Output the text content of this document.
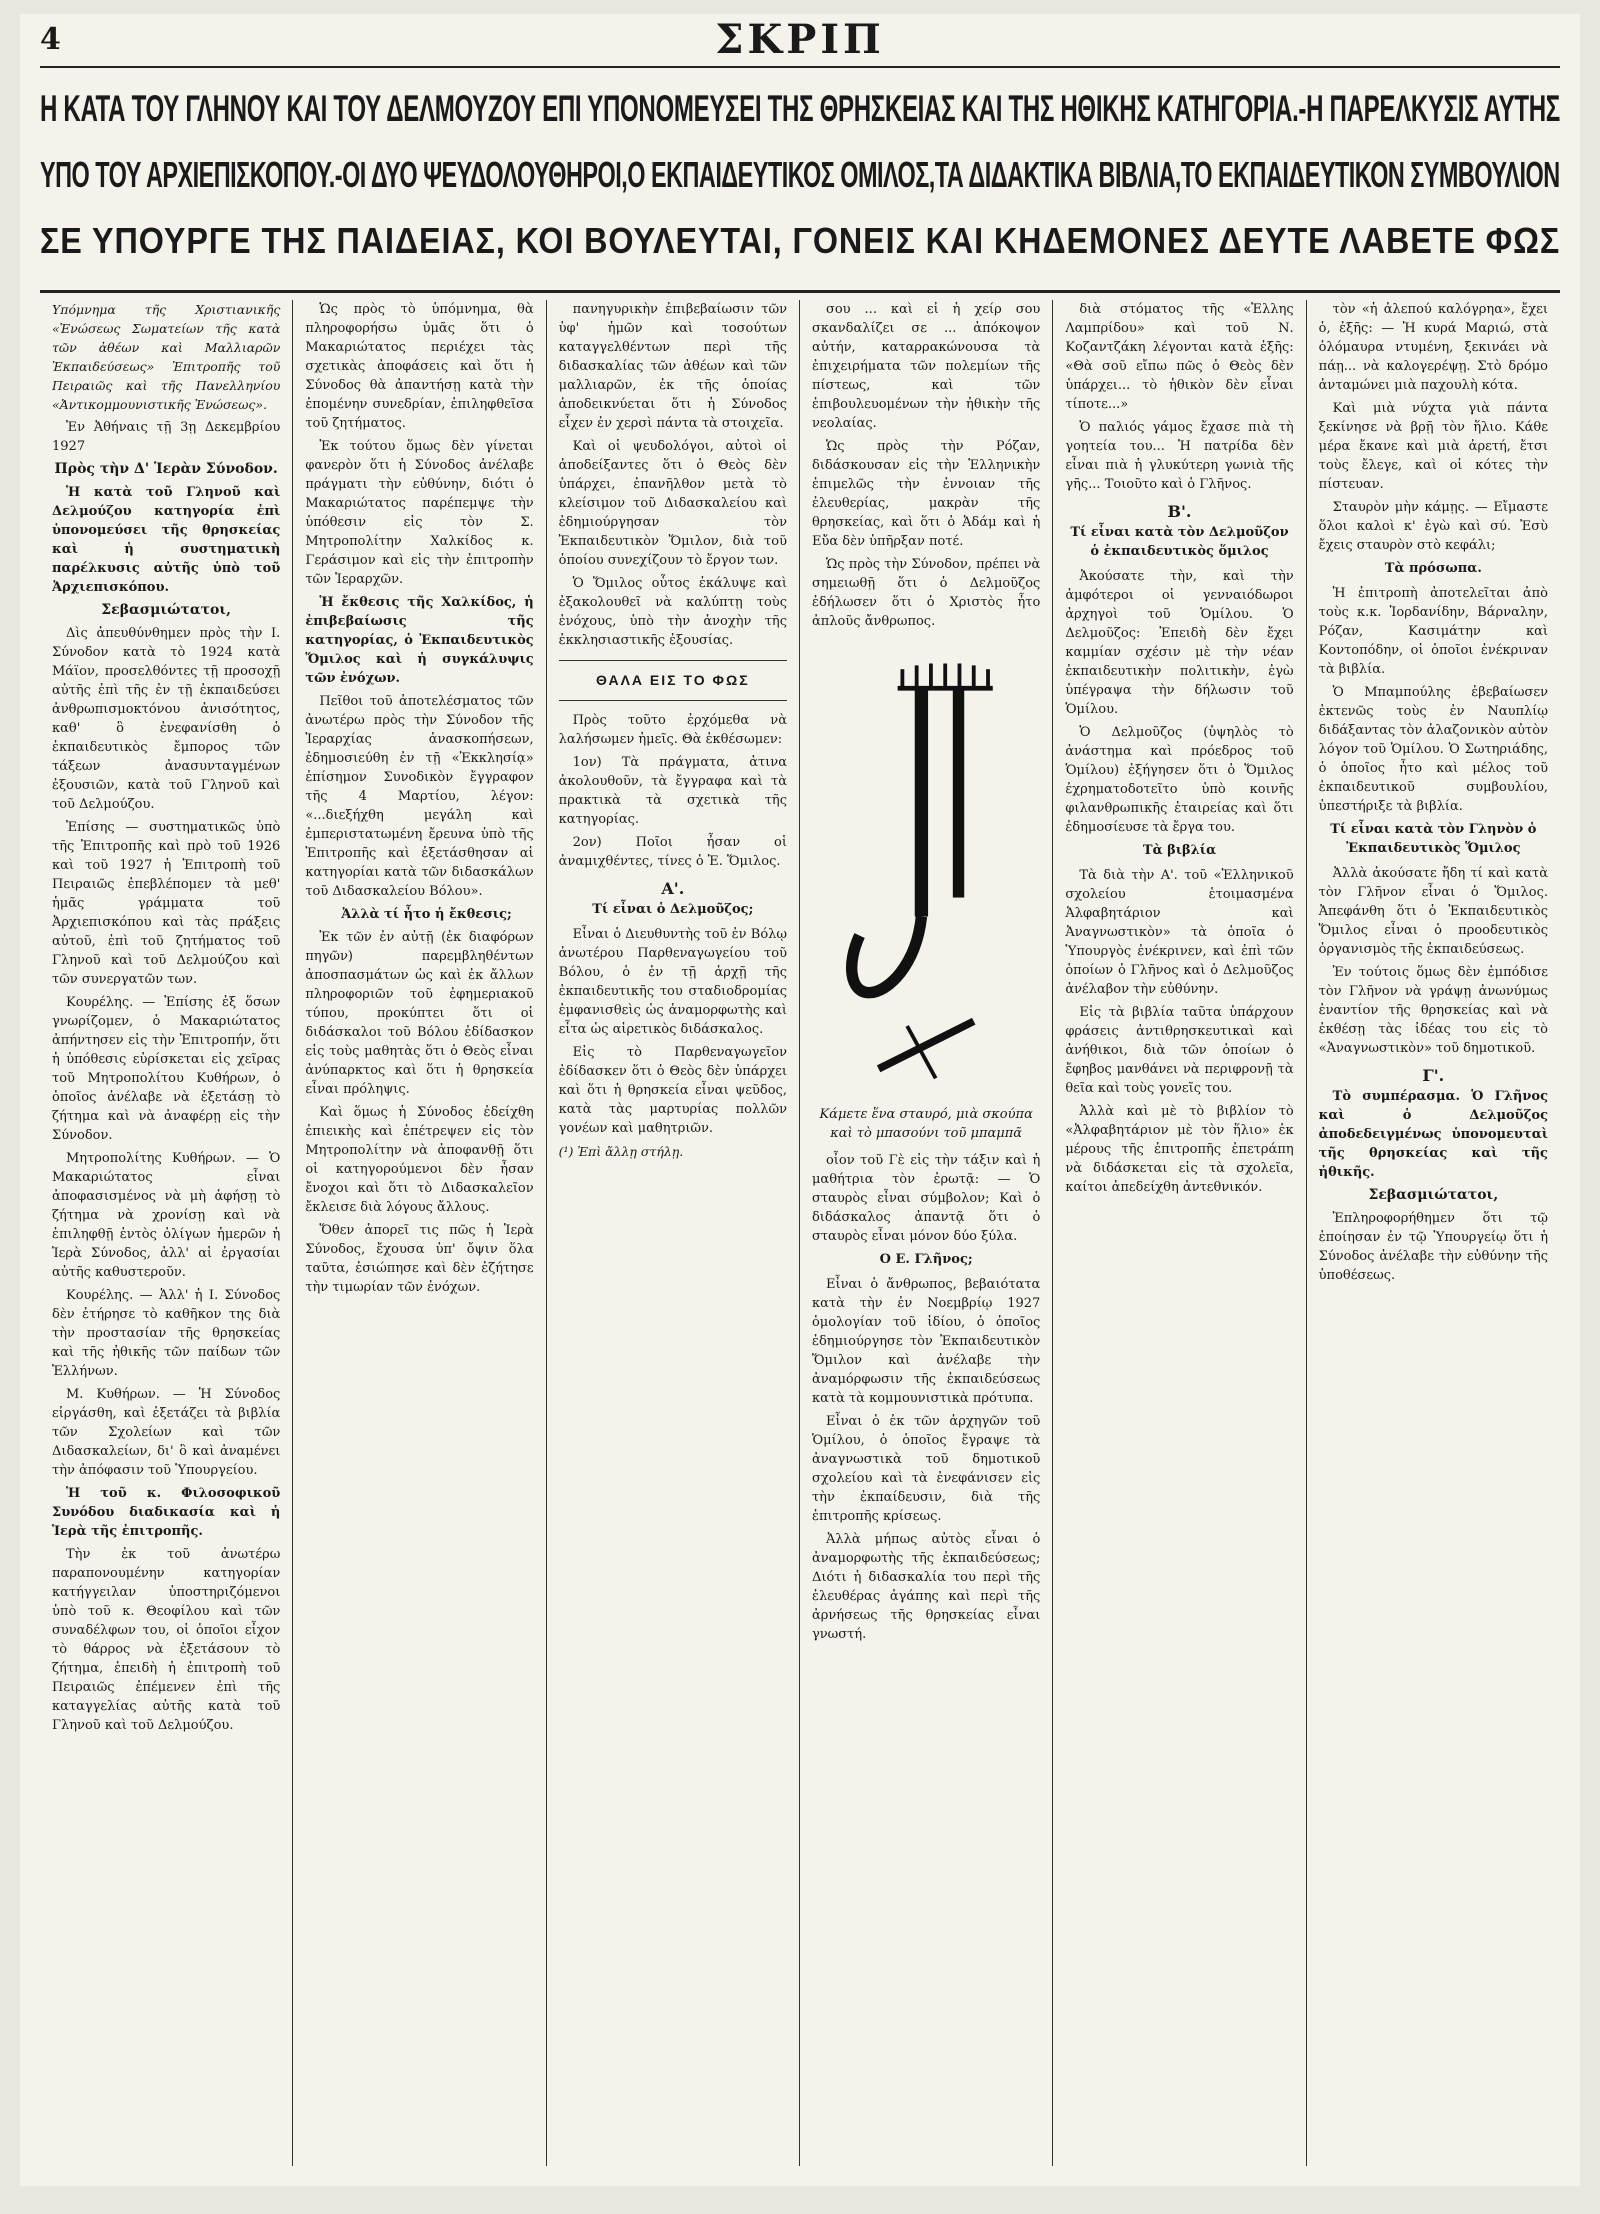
4	ΣΚΡΙΠ
Η ΚΑΤΑ ΤΟΥ ΓΛΗΝΟΥ ΚΑΙ ΤΟΥ ΔΕΛΜΟΥΖΟΥ ΕΠΙ ΥΠΟΝΟΜΕΥΣΕΙ ΤΗΣ ΘΡΗΣΚΕΙΑΣ ΚΑΙ ΤΗΣ ΗΘΙΚΗΣ ΚΑΤΗΓΟΡΙΑ.-Η ΠΑΡΕΛΚΥΣΙΣ ΑΥΤΗΣ
ΥΠΟ ΤΟΥ ΑΡΧΙΕΠΙΣΚΟΠΟΥ.-ΟΙ ΔΥΟ ΨΕΥΔΟΛΟΥΘΗΡΟΙ,Ο ΕΚΠΑΙΔΕΥΤΙΚΟΣ ΟΜΙΛΟΣ,ΤΑ ΔΙΔΑΚΤΙΚΑ ΒΙΒΛΙΑ,ΤΟ ΕΚΠΑΙΔΕΥΤΙΚΟΝ ΣΥΜΒΟΥΛΙΟΝ
ΣΕ ΥΠΟΥΡΓΕ ΤΗΣ ΠΑΙΔΕΙΑΣ, ΚΟΙ ΒΟΥΛΕΥΤΑΙ, ΓΟΝΕΙΣ ΚΑΙ ΚΗΔΕΜΟΝΕΣ ΔΕΥΤΕ ΛΑΒΕΤΕ ΦΩΣ

Υπόμνημα τῆς Χριστιανικῆς «Ἑνώσεως Σωματείων τῆς κατὰ τῶν ἀθέων καὶ Μαλλιαρῶν Ἐκπαιδεύσεως» Ἐπιτροπῆς τοῦ Πειραιῶς καὶ τῆς Πανελληνίου «Ἀντικομμουνιστικῆς Ἑνώσεως».

Ἐν Ἀθήναις τῇ 3ῃ Δεκεμβρίου 1927

Πρὸς τὴν Δ' Ἱερὰν Σύνοδον.

Ἡ κατὰ τοῦ Γληνοῦ καὶ Δελμούζου κατηγορία ἐπὶ ὑπονομεύσει τῆς θρησκείας καὶ ἡ συστηματικὴ παρέλκυσις αὐτῆς ὑπὸ τοῦ Ἀρχιεπισκόπου.

Σεβασμιώτατοι,

Δὶς ἀπευθύνθημεν πρὸς τὴν Ι. Σύνοδον κατὰ τὸ 1924 κατὰ Μάϊον, προσελθόντες τῇ προσοχῇ αὐτῆς ἐπὶ τῆς ἐν τῇ ἐκπαιδεύσει ἀνθρωπισμοκτόνου ἀνισότητος, καθ' ὃ ἐνεφανίσθη ὁ ἐκπαιδευτικὸς ἔμπορος τῶν τάξεων ἀνασυνταγμένων ἐξουσιῶν, κατὰ τοῦ Γληνοῦ καὶ τοῦ Δελμούζου.

Ἐπίσης — συστηματικῶς ὑπὸ τῆς Ἐπιτροπῆς καὶ πρὸ τοῦ 1926 καὶ τοῦ 1927 ἡ Ἐπιτροπὴ τοῦ Πειραιῶς ἐπεβλέπομεν τὰ μεθ' ἡμᾶς γράμματα τοῦ Ἀρχιεπισκόπου καὶ τὰς πράξεις αὐτοῦ, ἐπὶ τοῦ ζητήματος τοῦ Γληνοῦ καὶ τοῦ Δελμούζου καὶ τῶν συνεργατῶν των.

Κουρέλης. — Ἐπίσης ἐξ ὅσων γνωρίζομεν, ὁ Μακαριώτατος ἀπήντησεν εἰς τὴν Ἐπιτροπήν, ὅτι ἡ ὑπόθεσις εὑρίσκεται εἰς χεῖρας τοῦ Μητροπολίτου Κυθήρων, ὁ ὁποῖος ἀνέλαβε νὰ ἐξετάσῃ τὸ ζήτημα καὶ νὰ ἀναφέρῃ εἰς τὴν Σύνοδον.

Μητροπολίτης Κυθήρων. — Ὁ Μακαριώτατος εἶναι ἀποφασισμένος νὰ μὴ ἀφήσῃ τὸ ζήτημα νὰ χρονίσῃ καὶ νὰ ἐπιληφθῇ ἐντὸς ὀλίγων ἡμερῶν ἡ Ἱερὰ Σύνοδος, ἀλλ' αἱ ἐργασίαι αὐτῆς καθυστεροῦν.

Κουρέλης. — Ἀλλ' ἡ Ι. Σύνοδος δὲν ἐτήρησε τὸ καθῆκον της διὰ τὴν προστασίαν τῆς θρησκείας καὶ τῆς ἠθικῆς τῶν παίδων τῶν Ἑλλήνων.

Μ. Κυθήρων. — Ἡ Σύνοδος εἰργάσθη, καὶ ἐξετάζει τὰ βιβλία τῶν Σχολείων καὶ τῶν Διδασκαλείων, δι' ὃ καὶ ἀναμένει τὴν ἀπόφασιν τοῦ Ὑπουργείου.

Ἡ τοῦ κ. Φιλοσοφικοῦ Συνόδου διαδικασία καὶ ἡ Ἱερὰ τῆς ἐπιτροπῆς.

Τὴν ἐκ τοῦ ἀνωτέρω παραπονουμένην κατηγορίαν κατήγγειλαν ὑποστηριζόμενοι ὑπὸ τοῦ κ. Θεοφίλου καὶ τῶν συναδέλφων του, οἱ ὁποῖοι εἶχον τὸ θάρρος νὰ ἐξετάσουν τὸ ζήτημα, ἐπειδὴ ἡ ἐπιτροπὴ τοῦ Πειραιῶς ἐπέμενεν ἐπὶ τῆς καταγγελίας αὐτῆς κατὰ τοῦ Γληνοῦ καὶ τοῦ Δελμούζου.

Ὡς πρὸς τὸ ὑπόμνημα, θὰ πληροφορήσω ὑμᾶς ὅτι ὁ Μακαριώτατος περιέχει τὰς σχετικὰς ἀποφάσεις καὶ ὅτι ἡ Σύνοδος θὰ ἀπαντήσῃ κατὰ τὴν ἐπομένην συνεδρίαν, ἐπιληφθεῖσα τοῦ ζητήματος.

Ἐκ τούτου ὅμως δὲν γίνεται φανερὸν ὅτι ἡ Σύνοδος ἀνέλαβε πράγματι τὴν εὐθύνην, διότι ὁ Μακαριώτατος παρέπεμψε τὴν ὑπόθεσιν εἰς τὸν Σ. Μητροπολίτην Χαλκίδος κ. Γεράσιμον καὶ εἰς τὴν ἐπιτροπὴν τῶν Ἱεραρχῶν.

Ἡ ἔκθεσις τῆς Χαλκίδος, ἡ ἐπιβεβαίωσις τῆς κατηγορίας, ὁ Ἐκπαιδευτικὸς Ὅμιλος καὶ ἡ συγκάλυψις τῶν ἐνόχων.

Πεῖθοι τοῦ ἀποτελέσματος τῶν ἀνωτέρω πρὸς τὴν Σύνοδον τῆς Ἱεραρχίας ἀνασκοπήσεων, ἐδημοσιεύθη ἐν τῇ «Ἐκκλησίᾳ» ἐπίσημον Συνοδικὸν ἔγγραφον τῆς 4 Μαρτίου, λέγον: «...διεξήχθη μεγάλη καὶ ἐμπεριστατωμένη ἔρευνα ὑπὸ τῆς Ἐπιτροπῆς καὶ ἐξετάσθησαν αἱ κατηγορίαι κατὰ τῶν διδασκάλων τοῦ Διδασκαλείου Βόλου».

Ἀλλὰ τί ἦτο ἡ ἔκθεσις;

Ἐκ τῶν ἐν αὐτῇ (ἐκ διαφόρων πηγῶν) παρεμβληθέντων ἀποσπασμάτων ὡς καὶ ἐκ ἄλλων πληροφοριῶν τοῦ ἐφημεριακοῦ τύπου, προκύπτει ὅτι οἱ διδάσκαλοι τοῦ Βόλου ἐδίδασκον εἰς τοὺς μαθητὰς ὅτι ὁ Θεὸς εἶναι ἀνύπαρκτος καὶ ὅτι ἡ θρησκεία εἶναι πρόληψις.

Καὶ ὅμως ἡ Σύνοδος ἐδείχθη ἐπιεικὴς καὶ ἐπέτρεψεν εἰς τὸν Μητροπολίτην νὰ ἀποφανθῇ ὅτι οἱ κατηγορούμενοι δὲν ἦσαν ἔνοχοι καὶ ὅτι τὸ Διδασκαλεῖον ἔκλεισε διὰ λόγους ἄλλους.

Ὅθεν ἀπορεῖ τις πῶς ἡ Ἱερὰ Σύνοδος, ἔχουσα ὑπ' ὄψιν ὅλα ταῦτα, ἐσιώπησε καὶ δὲν ἐζήτησε τὴν τιμωρίαν τῶν ἐνόχων.

πανηγυρικὴν ἐπιβεβαίωσιν τῶν ὑφ' ἡμῶν καὶ τοσούτων καταγγελθέντων περὶ τῆς διδασκαλίας τῶν ἀθέων καὶ τῶν μαλλιαρῶν, ἐκ τῆς ὁποίας ἀποδεικνύεται ὅτι ἡ Σύνοδος εἶχεν ἐν χερσὶ πάντα τὰ στοιχεῖα.

Καὶ οἱ ψευδολόγοι, αὐτοὶ οἱ ἀποδείξαντες ὅτι ὁ Θεὸς δὲν ὑπάρχει, ἐπανῆλθον μετὰ τὸ κλείσιμον τοῦ Διδασκαλείου καὶ ἐδημιούργησαν τὸν Ἐκπαιδευτικὸν Ὅμιλον, διὰ τοῦ ὁποίου συνεχίζουν τὸ ἔργον των.

Ὁ Ὅμιλος οὗτος ἐκάλυψε καὶ ἐξακολουθεῖ νὰ καλύπτῃ τοὺς ἐνόχους, ὑπὸ τὴν ἀνοχὴν τῆς ἐκκλησιαστικῆς ἐξουσίας.

ΘΑΛΑ ΕΙΣ ΤΟ ΦΩΣ

Πρὸς τοῦτο ἐρχόμεθα νὰ λαλήσωμεν ἡμεῖς. Θὰ ἐκθέσωμεν:

1ον) Τὰ πράγματα, ἀτινα ἀκολουθοῦν, τὰ ἔγγραφα καὶ τὰ πρακτικὰ τὰ σχετικὰ τῆς κατηγορίας.

2ον) Ποῖοι ἦσαν οἱ ἀναμιχθέντες, τίνες ὁ Ἑ. Ὅμιλος.

Α'.
Τί εἶναι ὁ Δελμοῦζος;

Εἶναι ὁ Διευθυντὴς τοῦ ἐν Βόλῳ ἀνωτέρου Παρθεναγωγείου τοῦ Βόλου, ὁ ἐν τῇ ἀρχῇ τῆς ἐκπαιδευτικῆς του σταδιοδρομίας ἐμφανισθεὶς ὡς ἀναμορφωτὴς καὶ εἶτα ὡς αἱρετικὸς διδάσκαλος.

Εἰς τὸ Παρθεναγωγεῖον ἐδίδασκεν ὅτι ὁ Θεὸς δὲν ὑπάρχει καὶ ὅτι ἡ θρησκεία εἶναι ψεῦδος, κατὰ τὰς μαρτυρίας πολλῶν γονέων καὶ μαθητριῶν.

(¹) Ἐπὶ ἄλλῃ στήλῃ.

σου ... καὶ εἰ ἡ χείρ σου σκανδαλίζει σε ... ἀπόκοψον αὐτήν, καταρρακώνουσα τὰ ἐπιχειρήματα τῶν πολεμίων τῆς πίστεως, καὶ τῶν ἐπιβουλευομένων τὴν ἠθικὴν τῆς νεολαίας.

Ὡς πρὸς τὴν Ρόζαν, διδάσκουσαν εἰς τὴν Ἑλληνικὴν ἐπιμελῶς τὴν ἐννοιαν τῆς ἐλευθερίας, μακρὰν τῆς θρησκείας, καὶ ὅτι ὁ Ἀδάμ καὶ ἡ Εὔα δὲν ὑπῆρξαν ποτέ.

Ὡς πρὸς τὴν Σύνοδον, πρέπει νὰ σημειωθῇ ὅτι ὁ Δελμοῦζος ἐδήλωσεν ὅτι ὁ Χριστὸς ἦτο ἀπλοῦς ἄνθρωπος.

Κάμετε ἕνα σταυρό, μιὰ σκούπα καὶ τὸ μπασούνι τοῦ μπαμπᾶ

οἶον τοῦ Γὲ εἰς τὴν τάξιν καὶ ἡ μαθήτρια τὸν ἐρωτᾷ: — Ὁ σταυρὸς εἶναι σύμβολον; Καὶ ὁ διδάσκαλος ἀπαντᾷ ὅτι ὁ σταυρὸς εἶναι μόνον δύο ξύλα.

Ο Ε. Γλῆνος;

Εἶναι ὁ ἄνθρωπος, βεβαιότατα κατὰ τὴν ἐν Νοεμβρίῳ 1927 ὁμολογίαν τοῦ ἰδίου, ὁ ὁποῖος ἐδημιούργησε τὸν Ἐκπαιδευτικὸν Ὅμιλον καὶ ἀνέλαβε τὴν ἀναμόρφωσιν τῆς ἐκπαιδεύσεως κατὰ τὰ κομμουνιστικὰ πρότυπα.

Εἶναι ὁ ἐκ τῶν ἀρχηγῶν τοῦ Ὁμίλου, ὁ ὁποῖος ἔγραψε τὰ ἀναγνωστικὰ τοῦ δημοτικοῦ σχολείου καὶ τὰ ἐνεφάνισεν εἰς τὴν ἐκπαίδευσιν, διὰ τῆς ἐπιτροπῆς κρίσεως.

Ἀλλὰ μήπως αὐτὸς εἶναι ὁ ἀναμορφωτὴς τῆς ἐκπαιδεύσεως; Διότι ἡ διδασκαλία του περὶ τῆς ἐλευθέρας ἀγάπης καὶ περὶ τῆς ἀρνήσεως τῆς θρησκείας εἶναι γνωστή.

διὰ στόματος τῆς «Ἑλλης Λαμπρίδου» καὶ τοῦ Ν. Κοζαντζάκη λέγονται κατὰ ἐξῆς: «Θὰ σοῦ εἴπω πῶς ὁ Θεὸς δὲν ὑπάρχει... τὸ ἡθικὸν δὲν εἶναι τίποτε...»

Ὁ παλιός γάμος ἔχασε πιὰ τὴ γοητεία του... Ἡ πατρίδα δὲν εἶναι πιὰ ἡ γλυκύτερη γωνιὰ τῆς γῆς... Τοιοῦτο καὶ ὁ Γλῆνος.

Β'.
Τί εἶναι κατὰ τὸν Δελμοῦζον ὁ ἐκπαιδευτικὸς ὅμιλος

Ἀκούσατε τὴν, καὶ τὴν ἀμφότεροι οἱ γενναιόδωροι ἀρχηγοὶ τοῦ Ὁμίλου. Ὁ Δελμοῦζος: Ἐπειδὴ δὲν ἔχει καμμίαν σχέσιν μὲ τὴν νέαν ἐκπαιδευτικὴν πολιτικὴν, ἐγὼ ὑπέγραψα τὴν δήλωσιν τοῦ Ὁμίλου.

Ὁ Δελμοῦζος (ὑψηλὸς τὸ ἀνάστημα καὶ πρόεδρος τοῦ Ὁμίλου) ἐξήγησεν ὅτι ὁ Ὅμιλος ἐχρηματοδοτεῖτο ὑπὸ κοινῆς φιλανθρωπικῆς ἑταιρείας καὶ ὅτι ἐδημοσίευσε τὰ ἔργα του.

Τὰ βιβλία

Τὰ διὰ τὴν Α'. τοῦ «Ἑλληνικοῦ σχολείου ἑτοιμασμένα Ἀλφαβητάριον καὶ Ἀναγνωστικὸν» τὰ ὁποῖα ὁ Ὑπουργὸς ἐνέκρινεν, καὶ ἐπὶ τῶν ὁποίων ὁ Γλῆνος καὶ ὁ Δελμοῦζος ἀνέλαβον τὴν εὐθύνην.

Εἰς τὰ βιβλία ταῦτα ὑπάρχουν φράσεις ἀντιθρησκευτικαὶ καὶ ἀνήθικοι, διὰ τῶν ὁποίων ὁ ἔφηβος μανθάνει νὰ περιφρονῇ τὰ θεῖα καὶ τοὺς γονεῖς του.

Ἀλλὰ καὶ μὲ τὸ βιβλίον τὸ «Ἀλφαβητάριον μὲ τὸν ἥλιο» ἐκ μέρους τῆς ἐπιτροπῆς ἐπετράπη νὰ διδάσκεται εἰς τὰ σχολεῖα, καίτοι ἀπεδείχθη ἀντεθνικόν.

τὸν «ἡ ἀλεπού καλόγρηα», ἔχει ὁ, ἐξῆς: — Ἡ κυρά Μαριώ, στὰ ὁλόμαυρα ντυμένη, ξεκινάει νὰ πάῃ... νὰ καλογερέψῃ. Στὸ δρόμο ἀνταμώνει μιὰ παχουλὴ κότα.

Καὶ μιὰ νύχτα γιὰ πάντα ξεκίνησε νὰ βρῇ τὸν ἥλιο. Κάθε μέρα ἔκανε καὶ μιὰ ἀρετή, ἔτσι τοὺς ἔλεγε, καὶ οἱ κότες τὴν πίστευαν.

Σταυρὸν μὴν κάμῃς. — Εἴμαστε ὅλοι καλοὶ κ' ἐγὼ καὶ σύ. Ἐσὺ ἔχεις σταυρὸν στὸ κεφάλι;

Τὰ πρόσωπα.

Ἡ ἐπιτροπὴ ἀποτελεῖται ἀπὸ τοὺς κ.κ. Ἰορδανίδην, Βάρναλην, Ρόζαν, Κασιμάτην καὶ Κοντοπόδην, οἱ ὁποῖοι ἐνέκριναν τὰ βιβλία.

Ὁ Μπαμπούλης ἐβεβαίωσεν ἐκτενῶς τοὺς ἐν Ναυπλίῳ διδάξαντας τὸν ἀλαζονικὸν αὐτὸν λόγον τοῦ Ὁμίλου. Ὁ Σωτηριάδης, ὁ ὁποῖος ἦτο καὶ μέλος τοῦ ἐκπαιδευτικοῦ συμβουλίου, ὑπεστήριξε τὰ βιβλία.

Τί εἶναι κατὰ τὸν Γληνὸν ὁ Ἐκπαιδευτικὸς Ὅμιλος

Ἀλλὰ ἀκούσατε ἤδη τί καὶ κατὰ τὸν Γλῆνον εἶναι ὁ Ὅμιλος. Ἀπεφάνθη ὅτι ὁ Ἐκπαιδευτικὸς Ὅμιλος εἶναι ὁ προοδευτικὸς ὀργανισμὸς τῆς ἐκπαιδεύσεως.

Ἐν τούτοις ὅμως δὲν ἐμπόδισε τὸν Γλῆνον νὰ γράψῃ ἀνωνύμως ἐναντίον τῆς θρησκείας καὶ νὰ ἐκθέσῃ τὰς ἰδέας του εἰς τὸ «Ἀναγνωστικὸν» τοῦ δημοτικοῦ.

Γ'.

Τὸ συμπέρασμα. Ὁ Γλῆνος καὶ ὁ Δελμοῦζος ἀποδεδειγμένως ὑπονομευταὶ τῆς θρησκείας καὶ τῆς ἠθικῆς.

Σεβασμιώτατοι,

Ἐπληροφορήθημεν ὅτι τῷ ἐποίησαν ἐν τῷ Ὑπουργείῳ ὅτι ἡ Σύνοδος ἀνέλαβε τὴν εὐθύνην τῆς ὑποθέσεως.
